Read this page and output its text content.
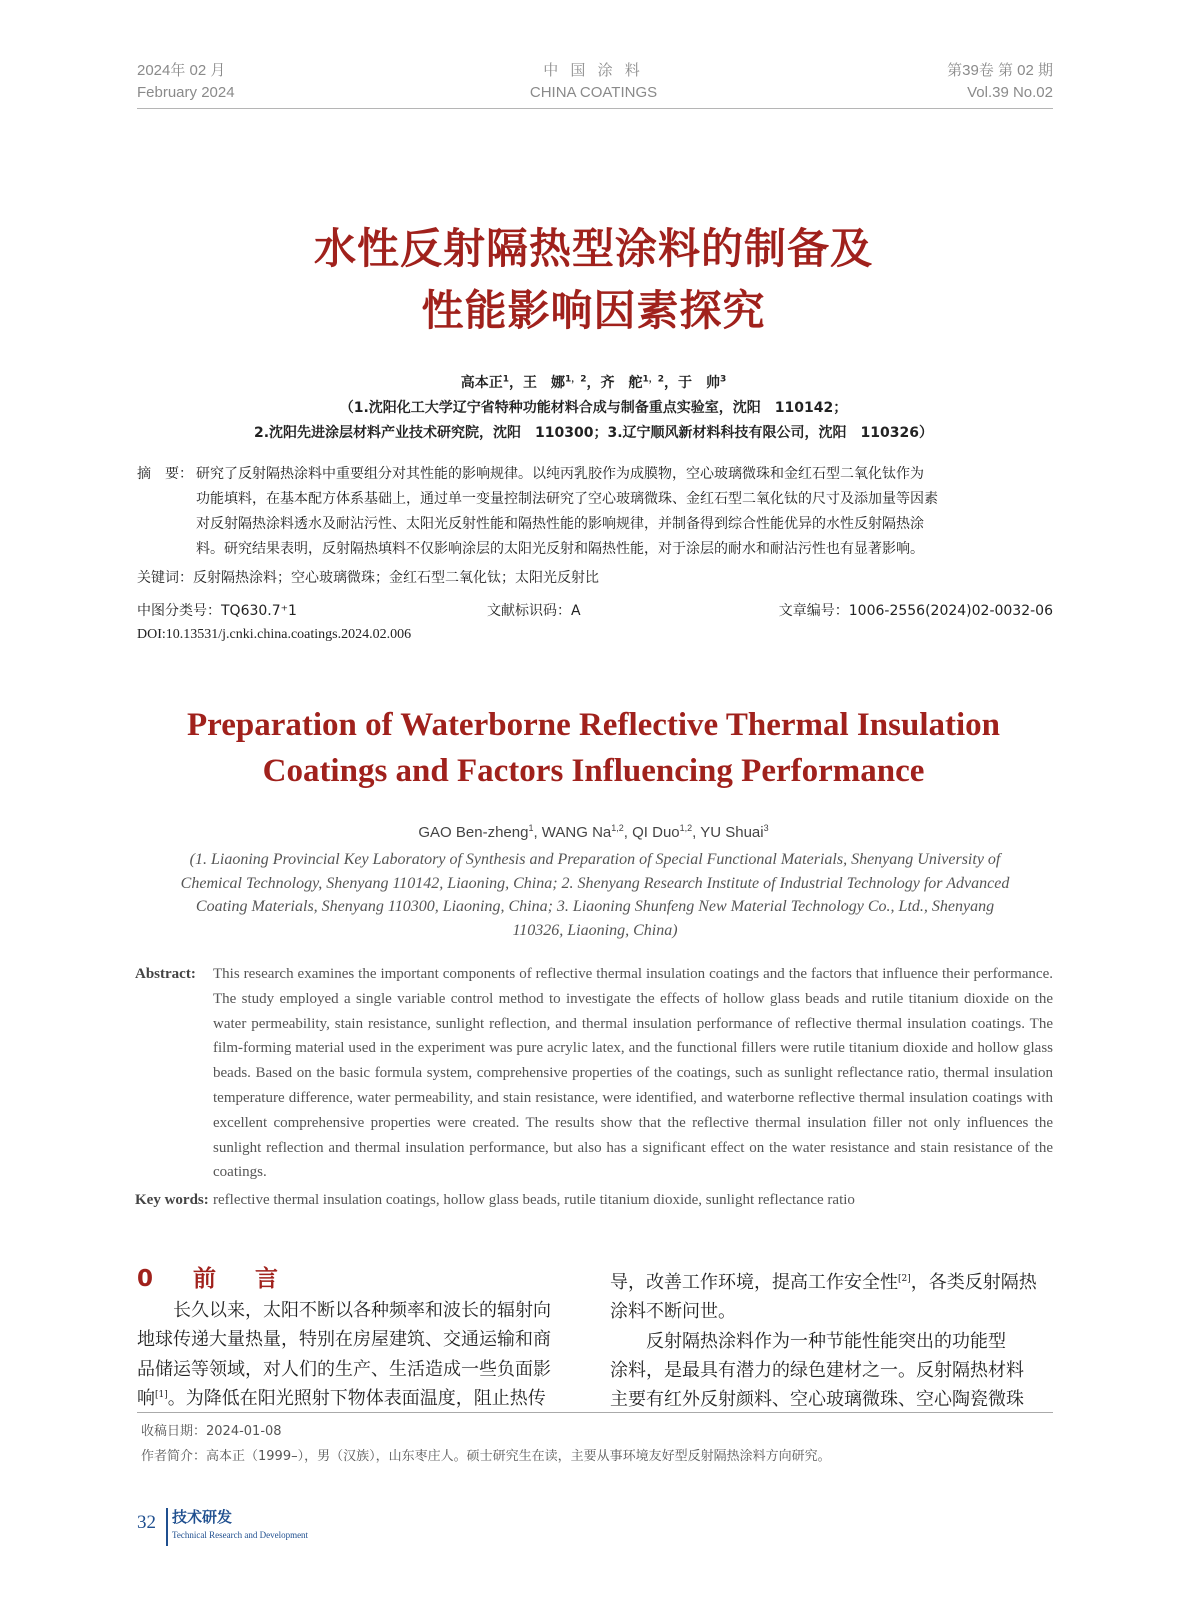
2024年 02 月
February 2024
中 国 涂 料
CHINA COATINGS
第39卷 第 02 期
Vol.39 No.02
水性反射隔热型涂料的制备及
性能影响因素探究
高本正$^1$，王　娜$^{1,2}$，齐　舵$^{1,2}$，于　帅$^3$
（1.沈阳化工大学辽宁省特种功能材料合成与制备重点实验室，沈阳　110142；
2.沈阳先进涂层材料产业技术研究院，沈阳　110300；3.辽宁顺风新材料科技有限公司，沈阳　110326）
摘　要： 研究了反射隔热涂料中重要组分对其性能的影响规律。以纯丙乳胶作为成膜物，空心玻璃微珠和金红石型二氧化钛作为
功能填料，在基本配方体系基础上，通过单一变量控制法研究了空心玻璃微珠、金红石型二氧化钛的尺寸及添加量等因素
对反射隔热涂料透水及耐沾污性、太阳光反射性能和隔热性能的影响规律，并制备得到综合性能优异的水性反射隔热涂
料。研究结果表明，反射隔热填料不仅影响涂层的太阳光反射和隔热性能，对于涂层的耐水和耐沾污性也有显著影响。
关键词：反射隔热涂料；空心玻璃微珠；金红石型二氧化钛；太阳光反射比
中图分类号：TQ630.7⁺1	文献标识码：A	文章编号：1006-2556(2024)02-0032-06
DOI:10.13531/j.cnki.china.coatings.2024.02.006
Preparation of Waterborne Reflective Thermal Insulation
Coatings and Factors Influencing Performance
GAO Ben-zheng$^1$, WANG Na$^{1,2}$, QI Duo$^{1,2}$, YU Shuai$^3$
(1. Liaoning Provincial Key Laboratory of Synthesis and Preparation of Special Functional Materials, Shenyang University of
Chemical Technology, Shenyang 110142, Liaoning, China; 2. Shenyang Research Institute of Industrial Technology for Advanced
Coating Materials, Shenyang 110300, Liaoning, China; 3. Liaoning Shunfeng New Material Technology Co., Ltd., Shenyang
110326, Liaoning, China)
Abstract: This research examines the important components of reflective thermal insulation coatings and the factors that influence their performance. The study employed a single variable control method to investigate the effects of hollow glass beads and rutile titanium dioxide on the water permeability, stain resistance, sunlight reflection, and thermal insulation performance of reflective thermal insulation coatings. The film-forming material used in the experiment was pure acrylic latex, and the functional fillers were rutile titanium dioxide and hollow glass beads. Based on the basic formula system, comprehensive properties of the coatings, such as sunlight reflectance ratio, thermal insulation temperature difference, water permeability, and stain resistance, were identified, and waterborne reflective thermal insulation coatings with excellent comprehensive properties were created. The results show that the reflective thermal insulation filler not only influences the sunlight reflection and thermal insulation performance, but also has a significant effect on the water resistance and stain resistance of the coatings.
Key words: reflective thermal insulation coatings, hollow glass beads, rutile titanium dioxide, sunlight reflectance ratio
0 前　言
长久以来，太阳不断以各种频率和波长的辐射向
地球传递大量热量，特别在房屋建筑、交通运输和商
品储运等领域，对人们的生产、生活造成一些负面影
响[1]。为降低在阳光照射下物体表面温度，阻止热传
导，改善工作环境，提高工作安全性[2]，各类反射隔热
涂料不断问世。
反射隔热涂料作为一种节能性能突出的功能型
涂料，是最具有潜力的绿色建材之一。反射隔热材料
主要有红外反射颜料、空心玻璃微珠、空心陶瓷微珠
收稿日期：2024-01-08
作者简介：高本正（1999–），男（汉族），山东枣庄人。硕士研究生在读，主要从事环境友好型反射隔热涂料方向研究。
32 技术研发
Technical Research and Development
